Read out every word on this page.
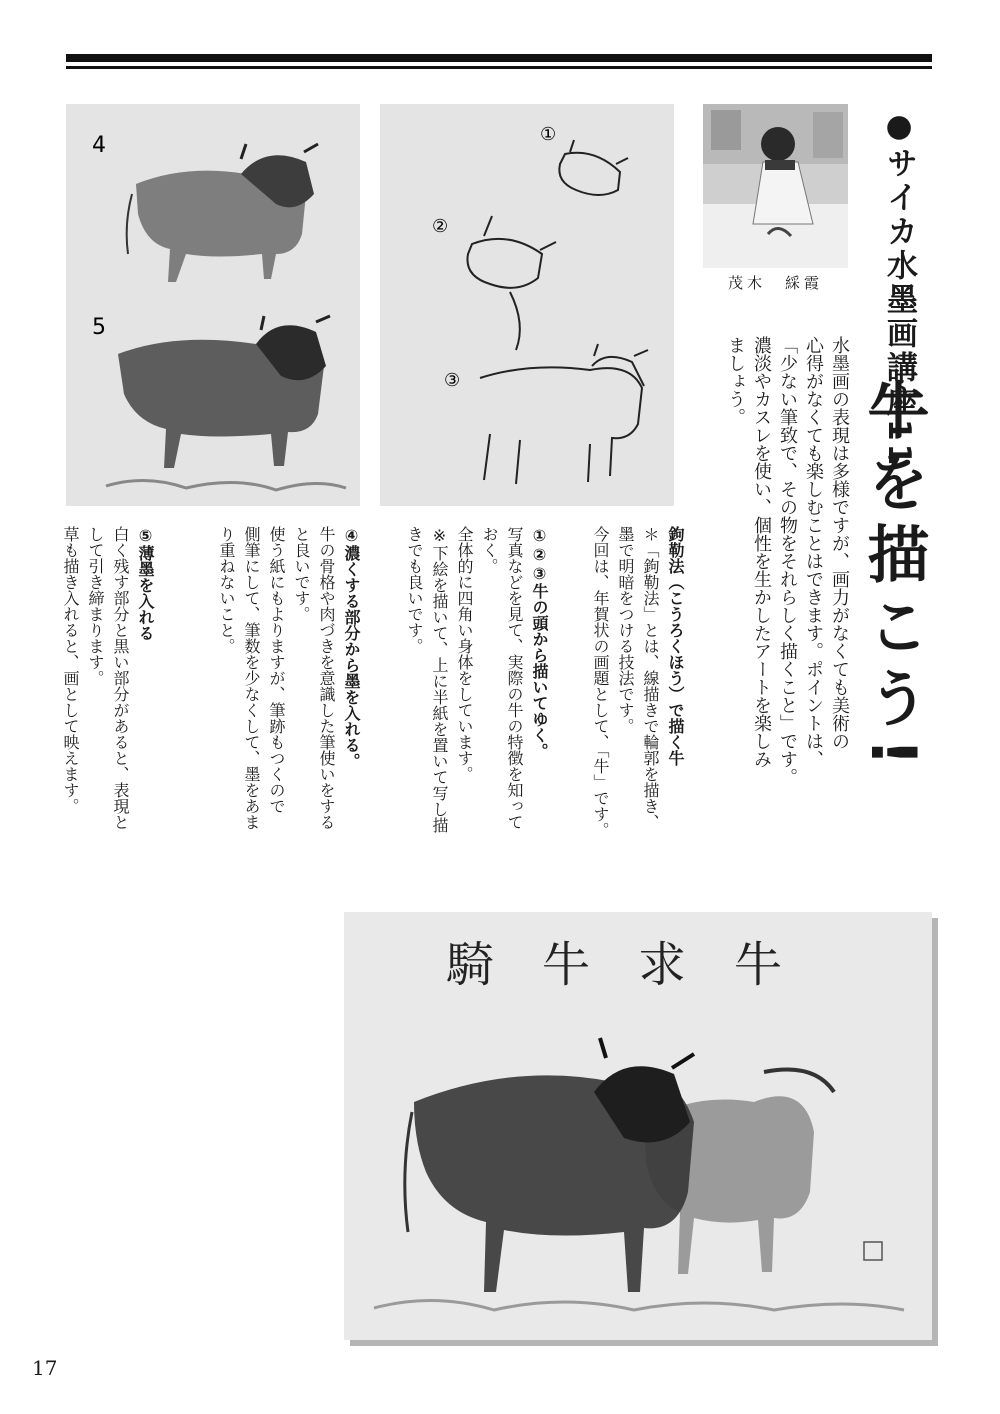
●サイカ水墨画講座11
牛を描こう!
茂木　綵霞

水墨画の表現は多様ですが、画力がなくても美術の

心得がなくても楽しむことはできます。ポイントは、

「少ない筆致で、その物をそれらしく描くこと」です。

濃淡やカスレを使い、個性を生かしたアートを楽しみ

ましょう。

4
5
①
②
③

鉤勒法（こうろくほう）で描く牛

＊「鉤勒法」とは、線描きで輪郭を描き、

墨で明暗をつける技法です。

今回は、年賀状の画題として、「牛」です。

①②③牛の頭から描いてゆく。

写真などを見て、実際の牛の特徴を知って

おく。

全体的に四角い身体をしています。

※下絵を描いて、上に半紙を置いて写し描

きでも良いです。

④濃くする部分から墨を入れる。

牛の骨格や肉づきを意識した筆使いをする

と良いです。

使う紙にもよりますが、筆跡もつくので

側筆にして、筆数を少なくして、墨をあま

り重ねないこと。

⑤薄墨を入れる

白く残す部分と黒い部分があると、表現と

して引き締まります。

草も描き入れると、画として映えます。

騎牛求牛
17
